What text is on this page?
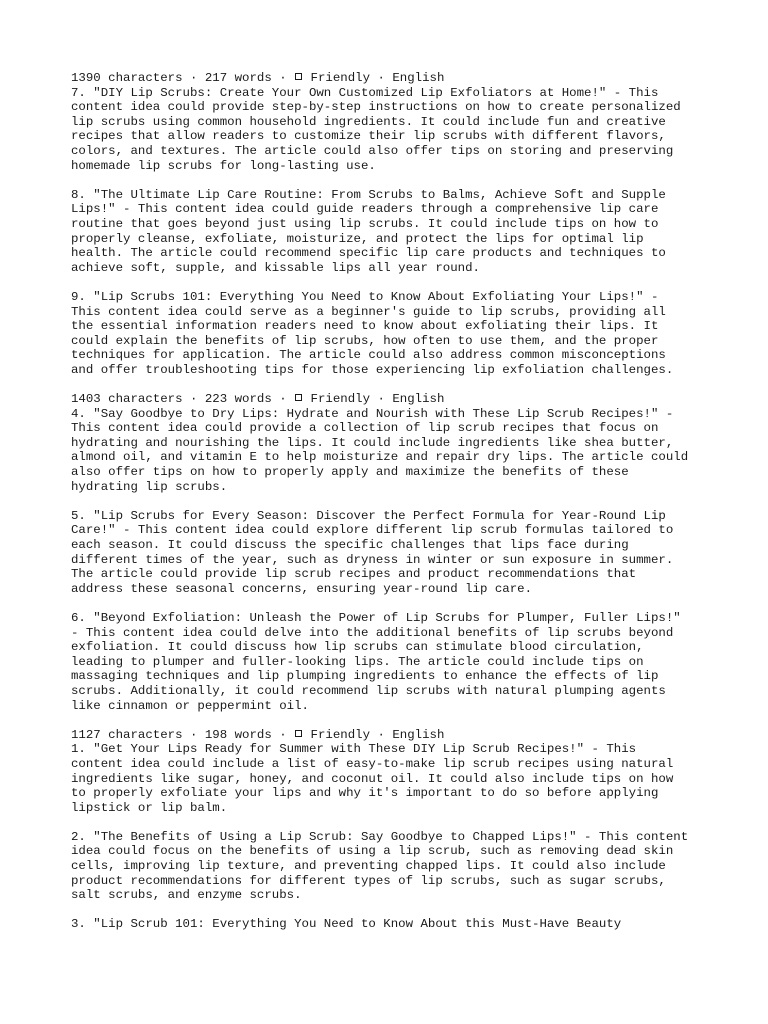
1390 characters · 217 words ·  Friendly · English

7. "DIY Lip Scrubs: Create Your Own Customized Lip Exfoliators at Home!" - This
content idea could provide step-by-step instructions on how to create personalized
lip scrubs using common household ingredients. It could include fun and creative
recipes that allow readers to customize their lip scrubs with different flavors,
colors, and textures. The article could also offer tips on storing and preserving
homemade lip scrubs for long-lasting use.

8. "The Ultimate Lip Care Routine: From Scrubs to Balms, Achieve Soft and Supple
Lips!" - This content idea could guide readers through a comprehensive lip care
routine that goes beyond just using lip scrubs. It could include tips on how to
properly cleanse, exfoliate, moisturize, and protect the lips for optimal lip
health. The article could recommend specific lip care products and techniques to
achieve soft, supple, and kissable lips all year round.

9. "Lip Scrubs 101: Everything You Need to Know About Exfoliating Your Lips!" -
This content idea could serve as a beginner's guide to lip scrubs, providing all
the essential information readers need to know about exfoliating their lips. It
could explain the benefits of lip scrubs, how often to use them, and the proper
techniques for application. The article could also address common misconceptions
and offer troubleshooting tips for those experiencing lip exfoliation challenges.

1403 characters · 223 words ·  Friendly · English

4. "Say Goodbye to Dry Lips: Hydrate and Nourish with These Lip Scrub Recipes!" -
This content idea could provide a collection of lip scrub recipes that focus on
hydrating and nourishing the lips. It could include ingredients like shea butter,
almond oil, and vitamin E to help moisturize and repair dry lips. The article could
also offer tips on how to properly apply and maximize the benefits of these
hydrating lip scrubs.

5. "Lip Scrubs for Every Season: Discover the Perfect Formula for Year-Round Lip
Care!" - This content idea could explore different lip scrub formulas tailored to
each season. It could discuss the specific challenges that lips face during
different times of the year, such as dryness in winter or sun exposure in summer.
The article could provide lip scrub recipes and product recommendations that
address these seasonal concerns, ensuring year-round lip care.

6. "Beyond Exfoliation: Unleash the Power of Lip Scrubs for Plumper, Fuller Lips!"
- This content idea could delve into the additional benefits of lip scrubs beyond
exfoliation. It could discuss how lip scrubs can stimulate blood circulation,
leading to plumper and fuller-looking lips. The article could include tips on
massaging techniques and lip plumping ingredients to enhance the effects of lip
scrubs. Additionally, it could recommend lip scrubs with natural plumping agents
like cinnamon or peppermint oil.

1127 characters · 198 words ·  Friendly · English

1. "Get Your Lips Ready for Summer with These DIY Lip Scrub Recipes!" - This
content idea could include a list of easy-to-make lip scrub recipes using natural
ingredients like sugar, honey, and coconut oil. It could also include tips on how
to properly exfoliate your lips and why it's important to do so before applying
lipstick or lip balm.

2. "The Benefits of Using a Lip Scrub: Say Goodbye to Chapped Lips!" - This content
idea could focus on the benefits of using a lip scrub, such as removing dead skin
cells, improving lip texture, and preventing chapped lips. It could also include
product recommendations for different types of lip scrubs, such as sugar scrubs,
salt scrubs, and enzyme scrubs.

3. "Lip Scrub 101: Everything You Need to Know About this Must-Have Beauty
